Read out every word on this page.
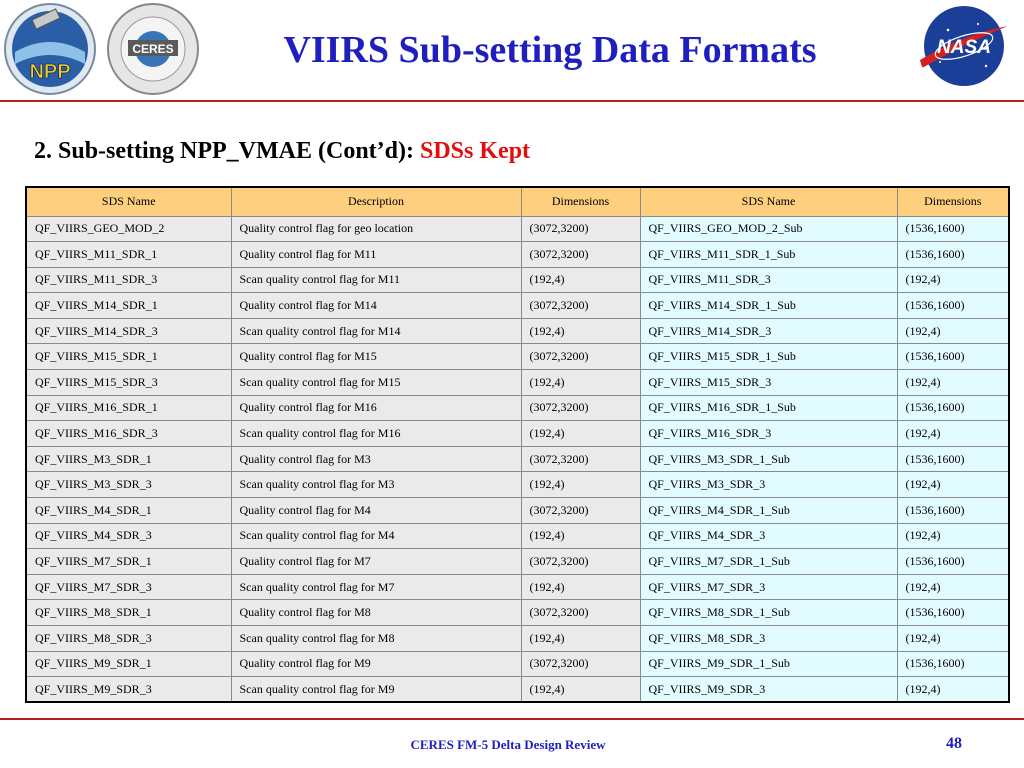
NPP
CERES	NASA
VIIRS Sub-setting Data Formats
2. Sub-setting NPP_VMAE (Cont’d): SDSs Kept
SDS Name	Description	Dimensions	SDS Name	Dimensions
QF_VIIRS_GEO_MOD_2	Quality control flag for geo location	(3072,3200)	QF_VIIRS_GEO_MOD_2_Sub	(1536,1600)
QF_VIIRS_M11_SDR_1	Quality control flag for M11	(3072,3200)	QF_VIIRS_M11_SDR_1_Sub	(1536,1600)
QF_VIIRS_M11_SDR_3	Scan quality control flag for M11	(192,4)	QF_VIIRS_M11_SDR_3	(192,4)
QF_VIIRS_M14_SDR_1	Quality control flag for M14	(3072,3200)	QF_VIIRS_M14_SDR_1_Sub	(1536,1600)
QF_VIIRS_M14_SDR_3	Scan quality control flag for M14	(192,4)	QF_VIIRS_M14_SDR_3	(192,4)
QF_VIIRS_M15_SDR_1	Quality control flag for M15	(3072,3200)	QF_VIIRS_M15_SDR_1_Sub	(1536,1600)
QF_VIIRS_M15_SDR_3	Scan quality control flag for M15	(192,4)	QF_VIIRS_M15_SDR_3	(192,4)
QF_VIIRS_M16_SDR_1	Quality control flag for M16	(3072,3200)	QF_VIIRS_M16_SDR_1_Sub	(1536,1600)
QF_VIIRS_M16_SDR_3	Scan quality control flag for M16	(192,4)	QF_VIIRS_M16_SDR_3	(192,4)
QF_VIIRS_M3_SDR_1	Quality control flag for M3	(3072,3200)	QF_VIIRS_M3_SDR_1_Sub	(1536,1600)
QF_VIIRS_M3_SDR_3	Scan quality control flag for M3	(192,4)	QF_VIIRS_M3_SDR_3	(192,4)
QF_VIIRS_M4_SDR_1	Quality control flag for M4	(3072,3200)	QF_VIIRS_M4_SDR_1_Sub	(1536,1600)
QF_VIIRS_M4_SDR_3	Scan quality control flag for M4	(192,4)	QF_VIIRS_M4_SDR_3	(192,4)
QF_VIIRS_M7_SDR_1	Quality control flag for M7	(3072,3200)	QF_VIIRS_M7_SDR_1_Sub	(1536,1600)
QF_VIIRS_M7_SDR_3	Scan quality control flag for M7	(192,4)	QF_VIIRS_M7_SDR_3	(192,4)
QF_VIIRS_M8_SDR_1	Quality control flag for M8	(3072,3200)	QF_VIIRS_M8_SDR_1_Sub	(1536,1600)
QF_VIIRS_M8_SDR_3	Scan quality control flag for M8	(192,4)	QF_VIIRS_M8_SDR_3	(192,4)
QF_VIIRS_M9_SDR_1	Quality control flag for M9	(3072,3200)	QF_VIIRS_M9_SDR_1_Sub	(1536,1600)
QF_VIIRS_M9_SDR_3	Scan quality control flag for M9	(192,4)	QF_VIIRS_M9_SDR_3	(192,4)
CERES FM-5 Delta Design Review	48
